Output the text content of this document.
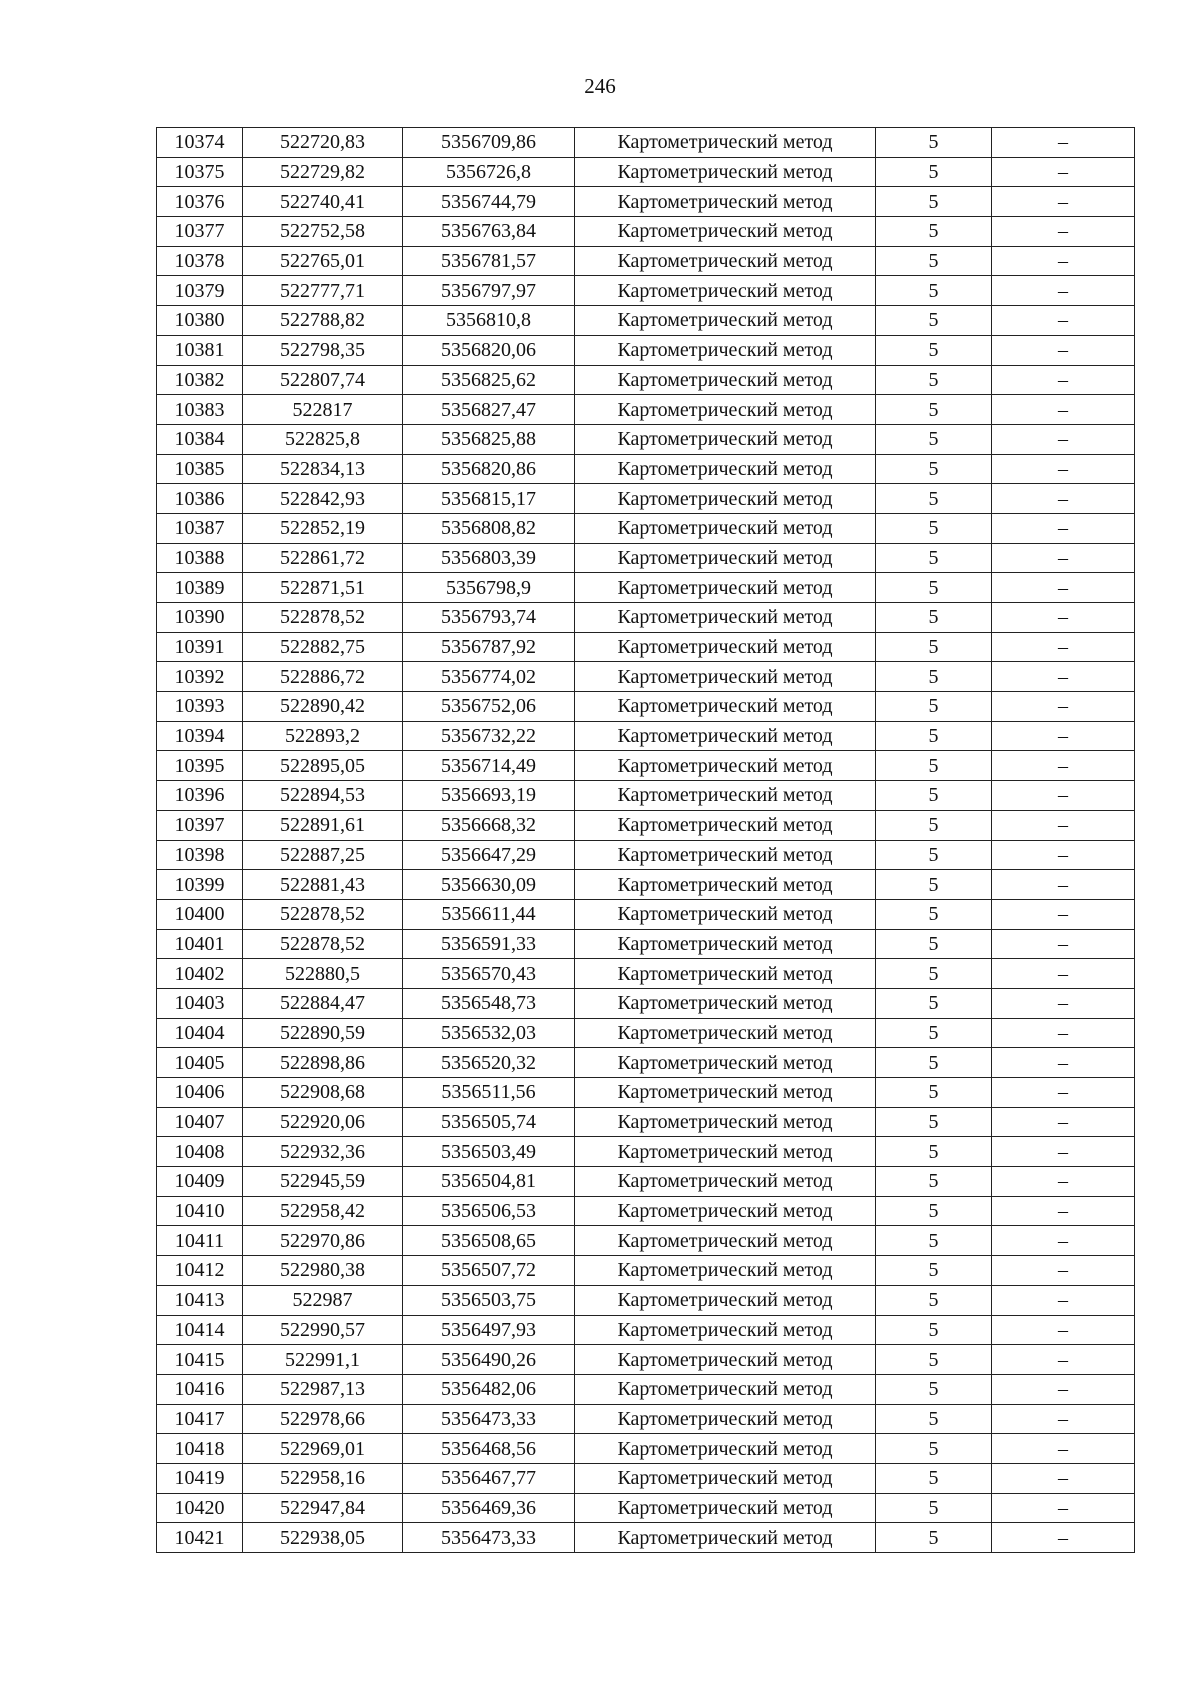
246
10374	522720,83	5356709,86	Картометрический метод	5	–
10375	522729,82	5356726,8	Картометрический метод	5	–
10376	522740,41	5356744,79	Картометрический метод	5	–
10377	522752,58	5356763,84	Картометрический метод	5	–
10378	522765,01	5356781,57	Картометрический метод	5	–
10379	522777,71	5356797,97	Картометрический метод	5	–
10380	522788,82	5356810,8	Картометрический метод	5	–
10381	522798,35	5356820,06	Картометрический метод	5	–
10382	522807,74	5356825,62	Картометрический метод	5	–
10383	522817	5356827,47	Картометрический метод	5	–
10384	522825,8	5356825,88	Картометрический метод	5	–
10385	522834,13	5356820,86	Картометрический метод	5	–
10386	522842,93	5356815,17	Картометрический метод	5	–
10387	522852,19	5356808,82	Картометрический метод	5	–
10388	522861,72	5356803,39	Картометрический метод	5	–
10389	522871,51	5356798,9	Картометрический метод	5	–
10390	522878,52	5356793,74	Картометрический метод	5	–
10391	522882,75	5356787,92	Картометрический метод	5	–
10392	522886,72	5356774,02	Картометрический метод	5	–
10393	522890,42	5356752,06	Картометрический метод	5	–
10394	522893,2	5356732,22	Картометрический метод	5	–
10395	522895,05	5356714,49	Картометрический метод	5	–
10396	522894,53	5356693,19	Картометрический метод	5	–
10397	522891,61	5356668,32	Картометрический метод	5	–
10398	522887,25	5356647,29	Картометрический метод	5	–
10399	522881,43	5356630,09	Картометрический метод	5	–
10400	522878,52	5356611,44	Картометрический метод	5	–
10401	522878,52	5356591,33	Картометрический метод	5	–
10402	522880,5	5356570,43	Картометрический метод	5	–
10403	522884,47	5356548,73	Картометрический метод	5	–
10404	522890,59	5356532,03	Картометрический метод	5	–
10405	522898,86	5356520,32	Картометрический метод	5	–
10406	522908,68	5356511,56	Картометрический метод	5	–
10407	522920,06	5356505,74	Картометрический метод	5	–
10408	522932,36	5356503,49	Картометрический метод	5	–
10409	522945,59	5356504,81	Картометрический метод	5	–
10410	522958,42	5356506,53	Картометрический метод	5	–
10411	522970,86	5356508,65	Картометрический метод	5	–
10412	522980,38	5356507,72	Картометрический метод	5	–
10413	522987	5356503,75	Картометрический метод	5	–
10414	522990,57	5356497,93	Картометрический метод	5	–
10415	522991,1	5356490,26	Картометрический метод	5	–
10416	522987,13	5356482,06	Картометрический метод	5	–
10417	522978,66	5356473,33	Картометрический метод	5	–
10418	522969,01	5356468,56	Картометрический метод	5	–
10419	522958,16	5356467,77	Картометрический метод	5	–
10420	522947,84	5356469,36	Картометрический метод	5	–
10421	522938,05	5356473,33	Картометрический метод	5	–
